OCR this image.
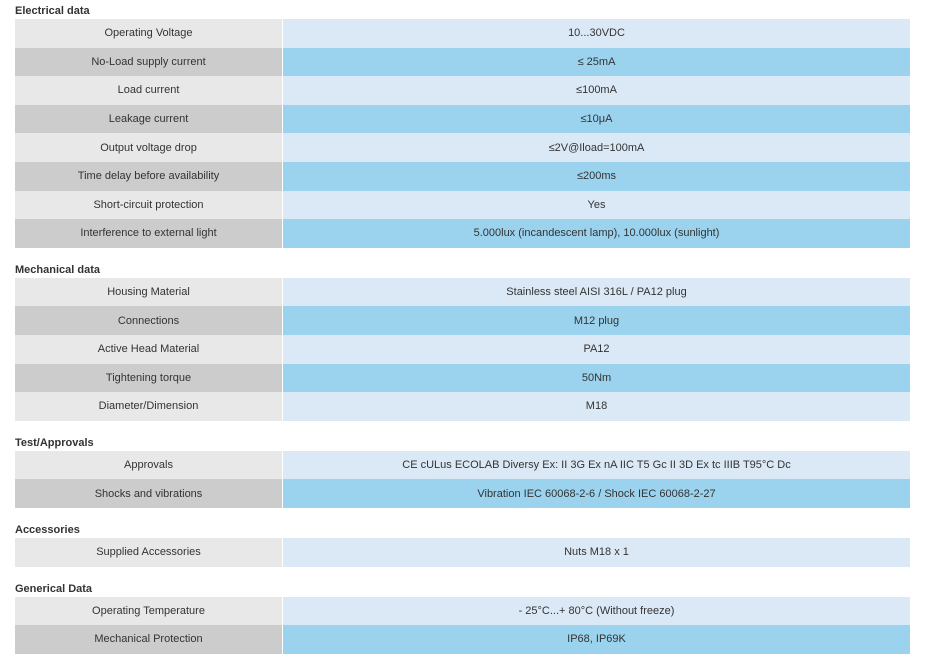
Electrical data
Operating Voltage	10...30VDC
No-Load supply current	≤ 25mA
Load current	≤100mA
Leakage current	≤10μA
Output voltage drop	≤2V@Iload=100mA
Time delay before availability	≤200ms
Short-circuit protection	Yes
Interference to external light	5.000lux (incandescent lamp), 10.000lux (sunlight)
Mechanical data
Housing Material	Stainless steel AISI 316L / PA12 plug
Connections	M12 plug
Active Head Material	PA12
Tightening torque	50Nm
Diameter/Dimension	M18
Test/Approvals
Approvals	CE cULus ECOLAB Diversy Ex: II 3G Ex nA IIC T5 Gc II 3D Ex tc IIIB T95°C Dc
Shocks and vibrations	Vibration IEC 60068-2-6 / Shock IEC 60068-2-27
Accessories
Supplied Accessories	Nuts M18 x 1
Generical Data
Operating Temperature	- 25°C...+ 80°C (Without freeze)
Mechanical Protection	IP68, IP69K
